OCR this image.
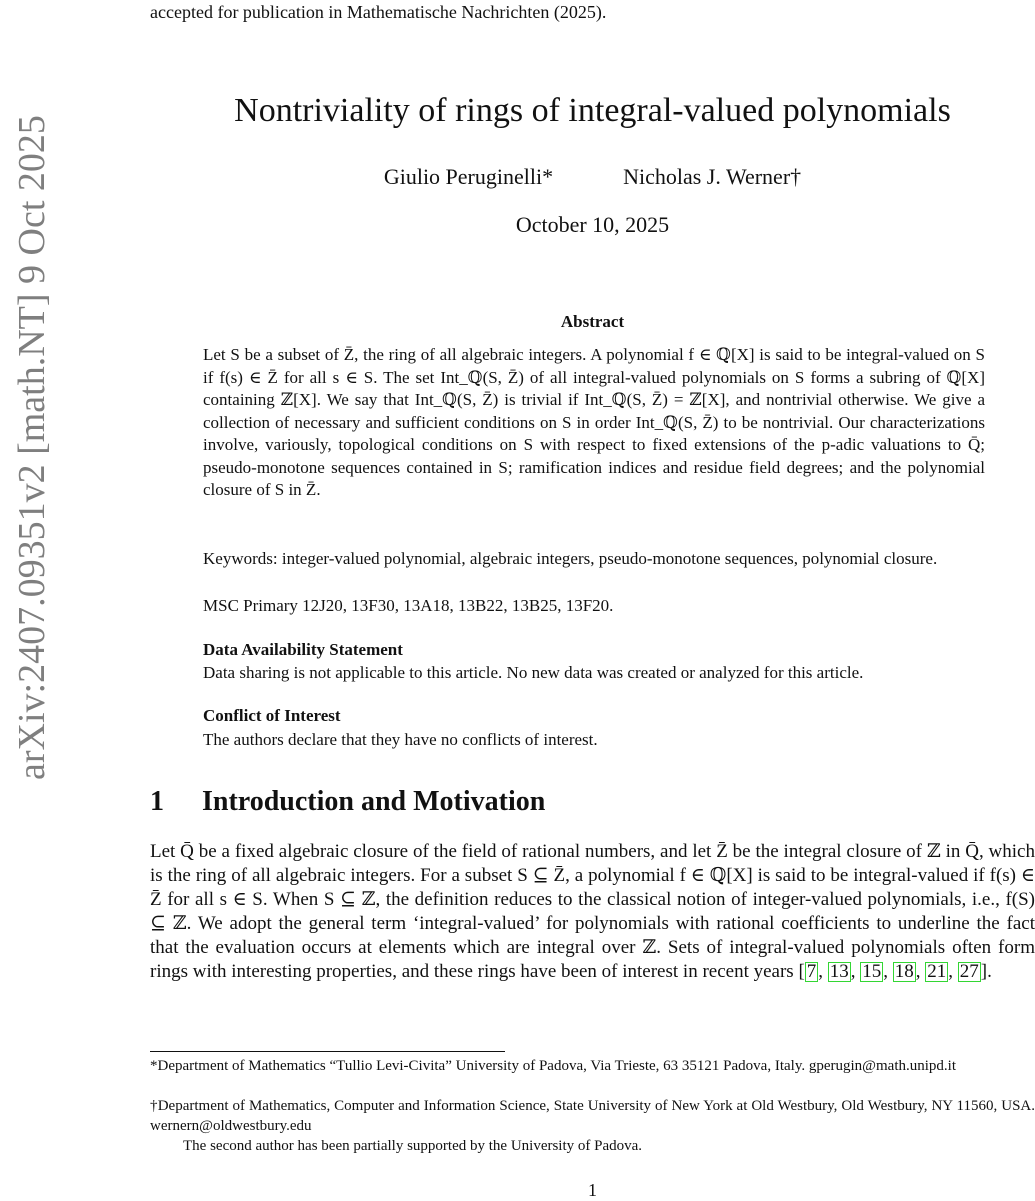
accepted for publication in Mathematische Nachrichten (2025).
arXiv:2407.09351v2 [math.NT] 9 Oct 2025
Nontriviality of rings of integral-valued polynomials
Giulio Peruginelli*	Nicholas J. Werner†
October 10, 2025
Abstract

Let S be a subset of Z̄, the ring of all algebraic integers. A polynomial f ∈ ℚ[X] is said to be integral-valued on S if f(s) ∈ Z̄ for all s ∈ S. The set Int_ℚ(S, Z̄) of all integral-valued polynomials on S forms a subring of ℚ[X] containing ℤ[X]. We say that Int_ℚ(S, Z̄) is trivial if Int_ℚ(S, Z̄) = ℤ[X], and nontrivial otherwise. We give a collection of necessary and sufficient conditions on S in order Int_ℚ(S, Z̄) to be nontrivial. Our characterizations involve, variously, topological conditions on S with respect to fixed extensions of the p-adic valuations to Q̄; pseudo-monotone sequences contained in S; ramification indices and residue field degrees; and the polynomial closure of S in Z̄.

Keywords: integer-valued polynomial, algebraic integers, pseudo-monotone sequences, polynomial closure.

MSC Primary 12J20, 13F30, 13A18, 13B22, 13B25, 13F20.
Data Availability Statement

Data sharing is not applicable to this article. No new data was created or analyzed for this article.

Conflict of Interest
The authors declare that they have no conflicts of interest.
1 Introduction and Motivation

Let Q̄ be a fixed algebraic closure of the field of rational numbers, and let Z̄ be the integral closure of ℤ in Q̄, which is the ring of all algebraic integers. For a subset S ⊆ Z̄, a polynomial f ∈ ℚ[X] is said to be integral-valued if f(s) ∈ Z̄ for all s ∈ S. When S ⊆ ℤ, the definition reduces to the classical notion of integer-valued polynomials, i.e., f(S) ⊆ ℤ. We adopt the general term ‘integral-valued’ for polynomials with rational coefficients to underline the fact that the evaluation occurs at elements which are integral over ℤ. Sets of integral-valued polynomials often form rings with interesting properties, and these rings have been of interest in recent years [ 7 , 13 , 15 , 18 , 21 , 27 ].

*Department of Mathematics “Tullio Levi-Civita” University of Padova, Via Trieste, 63 35121 Padova, Italy. gperugin@math.unipd.it

†Department of Mathematics, Computer and Information Science, State University of New York at Old Westbury, Old Westbury, NY 11560, USA. wernern@oldwestbury.edu

The second author has been partially supported by the University of Padova.

1
